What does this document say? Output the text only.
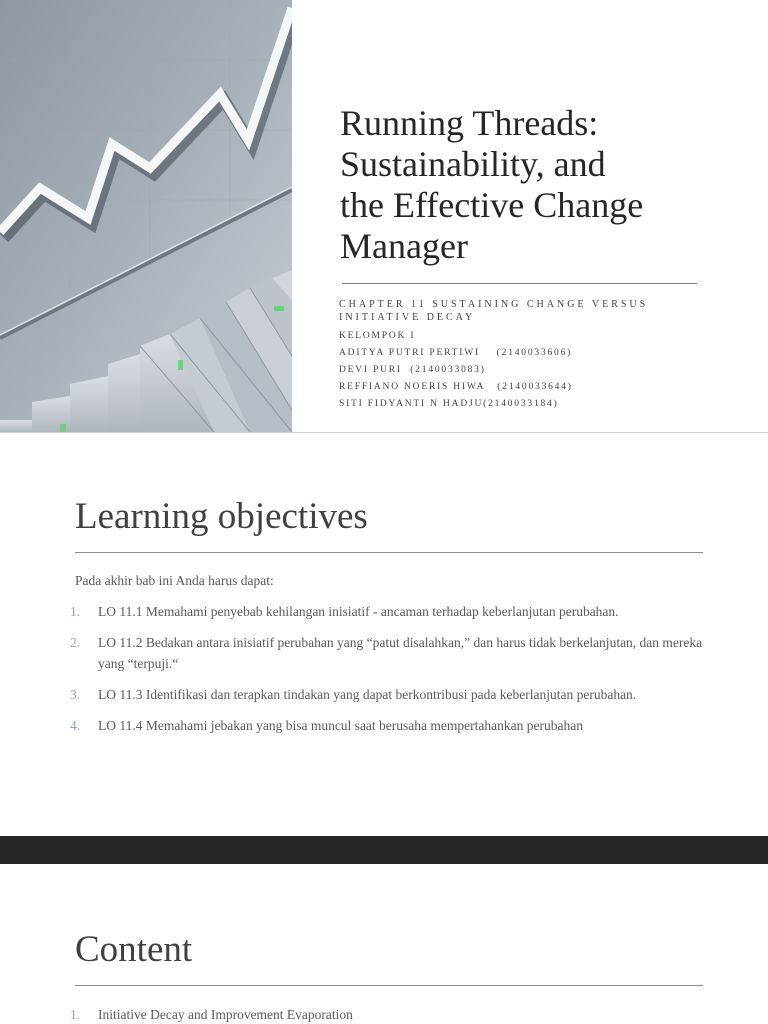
Running Threads:
Sustainability, and
the Effective Change
Manager
CHAPTER 11 SUSTAINING CHANGE VERSUS INITIATIVE DECAY
KELOMPOK I
ADITYA PUTRI PERTIWI    (2140033606)
DEVI PURI  (2140033083)
REFFIANO NOERIS HIWA   (2140033644)
SITI FIDYANTI N HADJU(2140033184)
Learning objectives
Pada akhir bab ini Anda harus dapat:
1. LO 11.1 Memahami penyebab kehilangan inisiatif - ancaman terhadap keberlanjutan perubahan.
2. LO 11.2 Bedakan antara inisiatif perubahan yang “patut disalahkan,” dan harus tidak berkelanjutan, dan mereka yang “terpuji.“
3. LO 11.3 Identifikasi dan terapkan tindakan yang dapat berkontribusi pada keberlanjutan perubahan.
4. LO 11.4 Memahami jebakan yang bisa muncul saat berusaha mempertahankan perubahan
Content
1. Initiative Decay and Improvement Evaporation
